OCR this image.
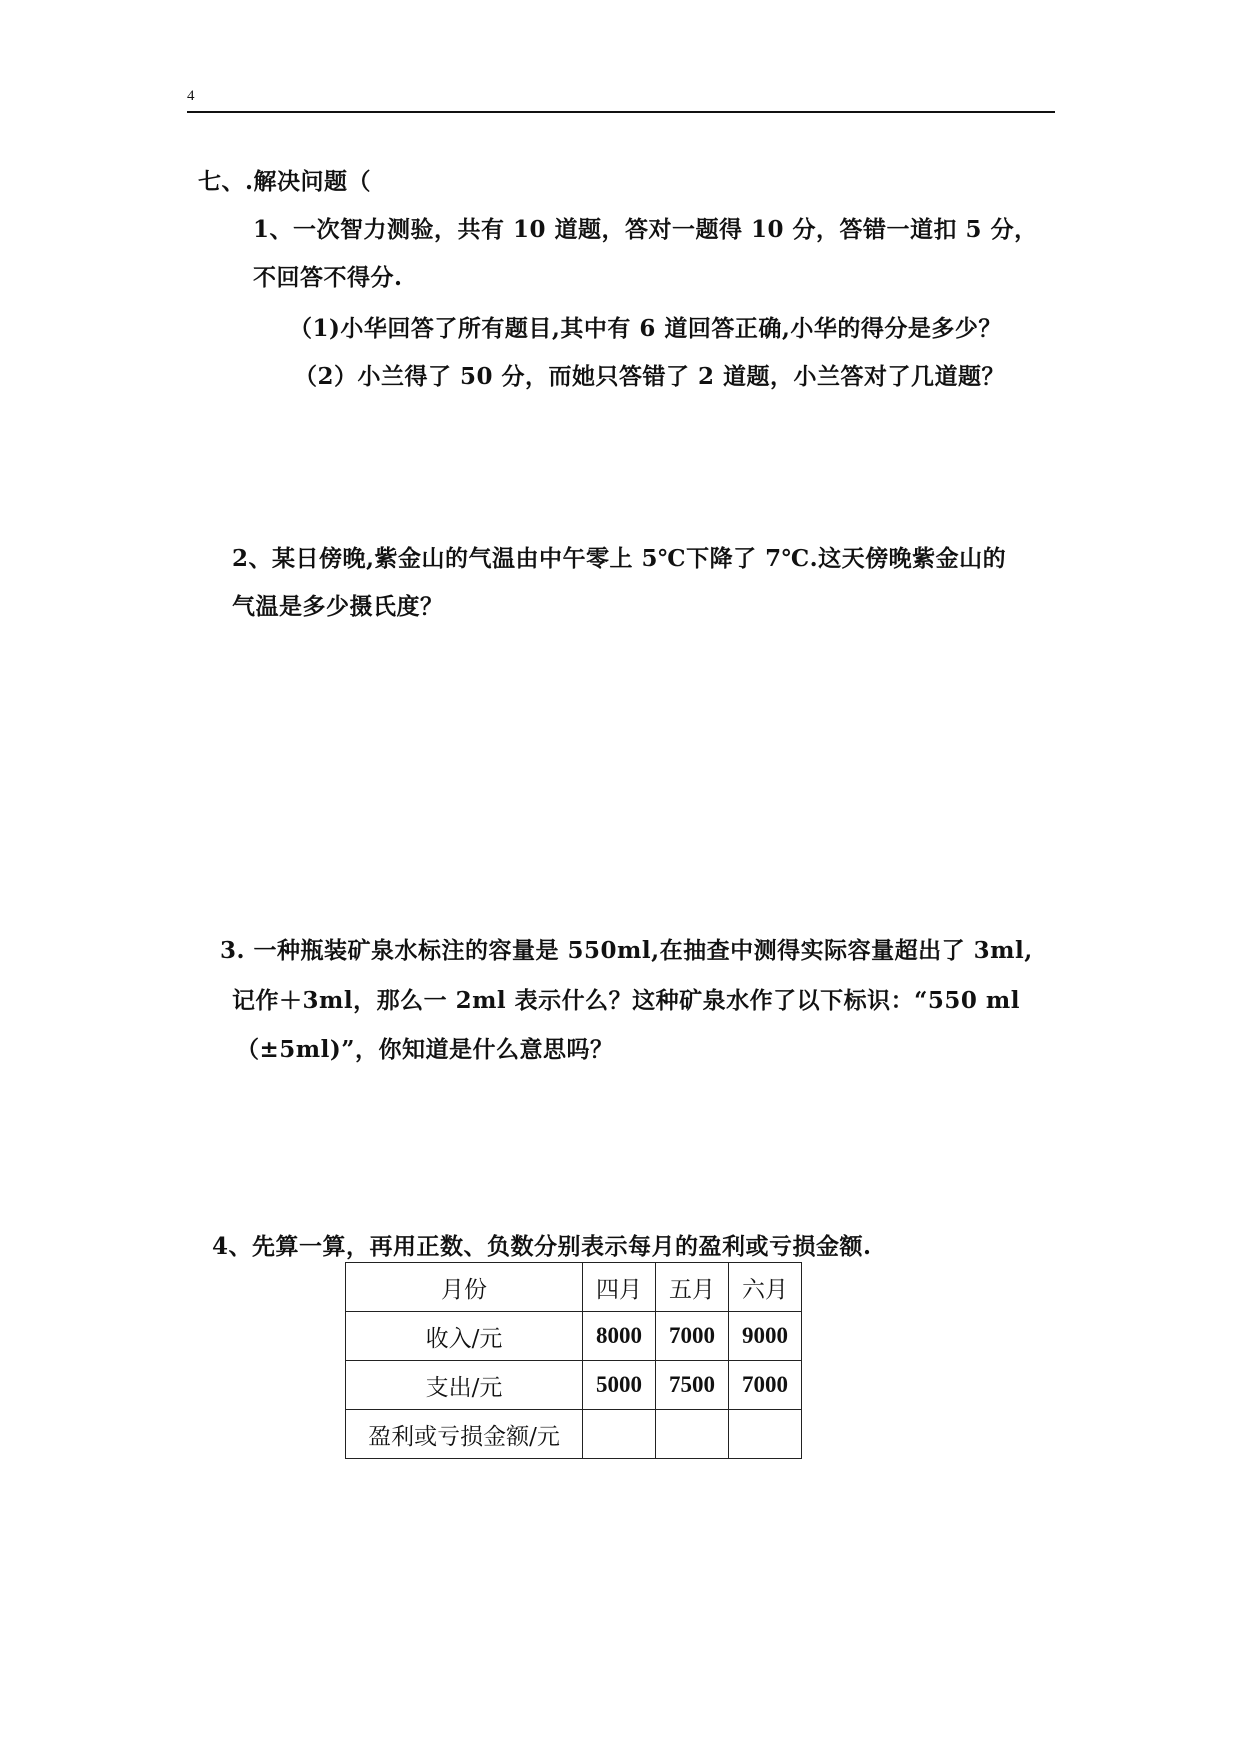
4
七、.解决问题（
1、一次智力测验，共有 10 道题，答对一题得 10 分，答错一道扣 5 分，
不回答不得分.
（1)小华回答了所有题目,其中有 6 道回答正确,小华的得分是多少？
（2）小兰得了 50 分，而她只答错了 2 道题，小兰答对了几道题？
2、某日傍晚,紫金山的气温由中午零上 5℃下降了 7℃.这天傍晚紫金山的
气温是多少摄氏度？
3. 一种瓶装矿泉水标注的容量是 550ml,在抽查中测得实际容量超出了 3ml,
记作＋3ml，那么一 2ml 表示什么？这种矿泉水作了以下标识：“550 ml
（±5ml)”，你知道是什么意思吗？
4、先算一算，再用正数、负数分别表示每月的盈利或亏损金额.
月份	四月	五月	六月
收入/元	8000	7000	9000
支出/元	5000	7500	7000
盈利或亏损金额/元			
